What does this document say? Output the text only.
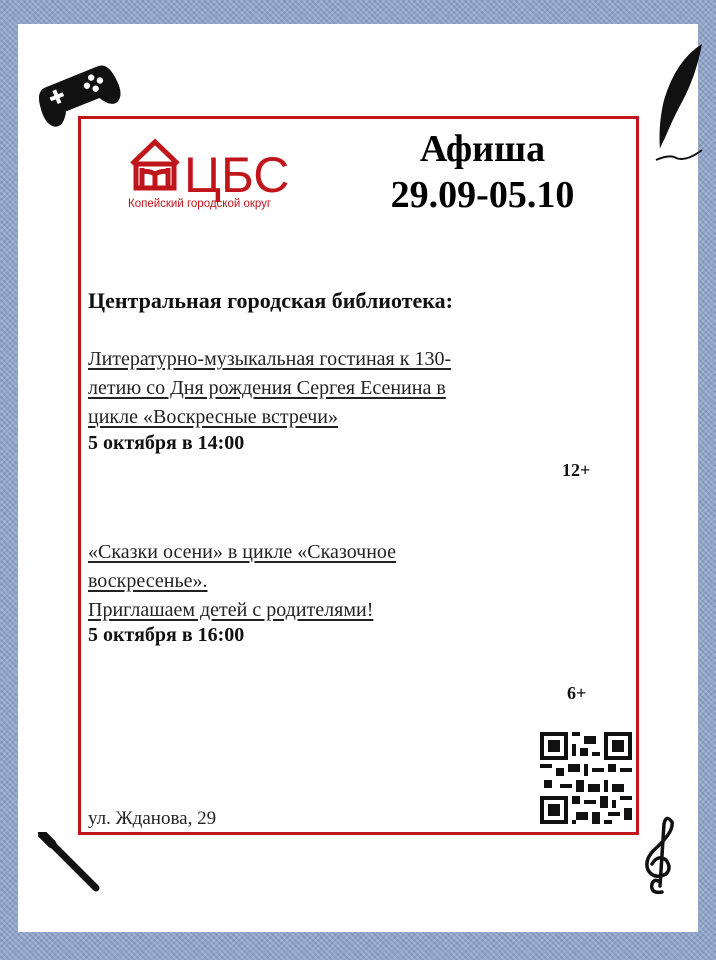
ЦБС
Копейский городской округ
Афиша
29.09-05.10
Центральная городская библиотека:
Литературно-музыкальная гостиная к 130-
летию со Дня рождения Сергея Есенина в
цикле «Воскресные встречи»
5 октября в 14:00
12+
«Сказки осени» в цикле «Сказочное
воскресенье».
Приглашаем детей с родителями!
5 октября в 16:00
6+
ул. Жданова, 29
